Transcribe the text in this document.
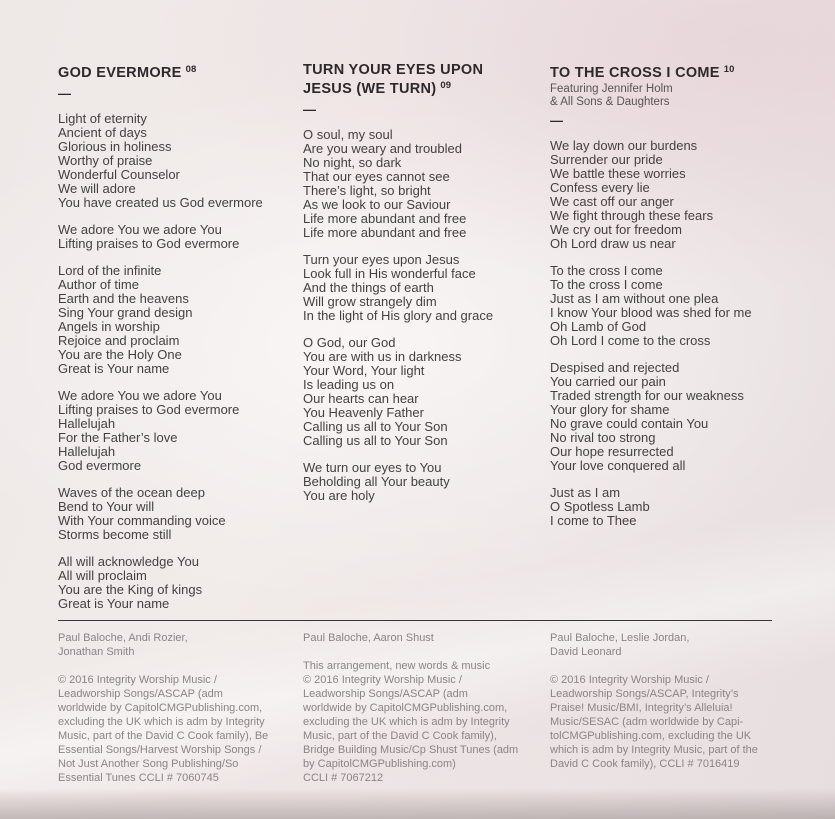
GOD EVERMORE $^{08}$
—
Light of eternity
Ancient of days
Glorious in holiness
Worthy of praise
Wonderful Counselor
We will adore
You have created us God evermore
We adore You we adore You
Lifting praises to God evermore
Lord of the infinite
Author of time
Earth and the heavens
Sing Your grand design
Angels in worship
Rejoice and proclaim
You are the Holy One
Great is Your name
We adore You we adore You
Lifting praises to God evermore
Hallelujah
For the Father’s love
Hallelujah
God evermore
Waves of the ocean deep
Bend to Your will
With Your commanding voice
Storms become still
All will acknowledge You
All will proclaim
You are the King of kings
Great is Your name
TURN YOUR EYES UPON JESUS (WE TURN) $^{09}$
—
O soul, my soul
Are you weary and troubled
No night, so dark
That our eyes cannot see
There’s light, so bright
As we look to our Saviour
Life more abundant and free
Life more abundant and free
Turn your eyes upon Jesus
Look full in His wonderful face
And the things of earth
Will grow strangely dim
In the light of His glory and grace
O God, our God
You are with us in darkness
Your Word, Your light
Is leading us on
Our hearts can hear
You Heavenly Father
Calling us all to Your Son
Calling us all to Your Son
We turn our eyes to You
Beholding all Your beauty
You are holy
TO THE CROSS I COME $^{10}$
Featuring Jennifer Holm
& All Sons & Daughters
—
We lay down our burdens
Surrender our pride
We battle these worries
Confess every lie
We cast off our anger
We fight through these fears
We cry out for freedom
Oh Lord draw us near
To the cross I come
To the cross I come
Just as I am without one plea
I know Your blood was shed for me
Oh Lamb of God
Oh Lord I come to the cross
Despised and rejected
You carried our pain
Traded strength for our weakness
Your glory for shame
No grave could contain You
No rival too strong
Our hope resurrected
Your love conquered all
Just as I am
O Spotless Lamb
I come to Thee
Paul Baloche, Andi Rozier,
Jonathan Smith
© 2016 Integrity Worship Music /
Leadworship Songs/ASCAP (adm
worldwide by CapitolCMGPublishing.com,
excluding the UK which is adm by Integrity
Music, part of the David C Cook family), Be
Essential Songs/Harvest Worship Songs /
Not Just Another Song Publishing/So
Essential Tunes CCLI # 7060745
Paul Baloche, Aaron Shust
This arrangement, new words & music
© 2016 Integrity Worship Music /
Leadworship Songs/ASCAP (adm
worldwide by CapitolCMGPublishing.com,
excluding the UK which is adm by Integrity
Music, part of the David C Cook family),
Bridge Building Music/Cp Shust Tunes (adm
by CapitolCMGPublishing.com)
CCLI # 7067212
Paul Baloche, Leslie Jordan,
David Leonard
© 2016 Integrity Worship Music /
Leadworship Songs/ASCAP, Integrity’s
Praise! Music/BMI, Integrity’s Alleluia!
Music/SESAC (adm worldwide by Capi-
tolCMGPublishing.com, excluding the UK
which is adm by Integrity Music, part of the
David C Cook family), CCLI # 7016419
